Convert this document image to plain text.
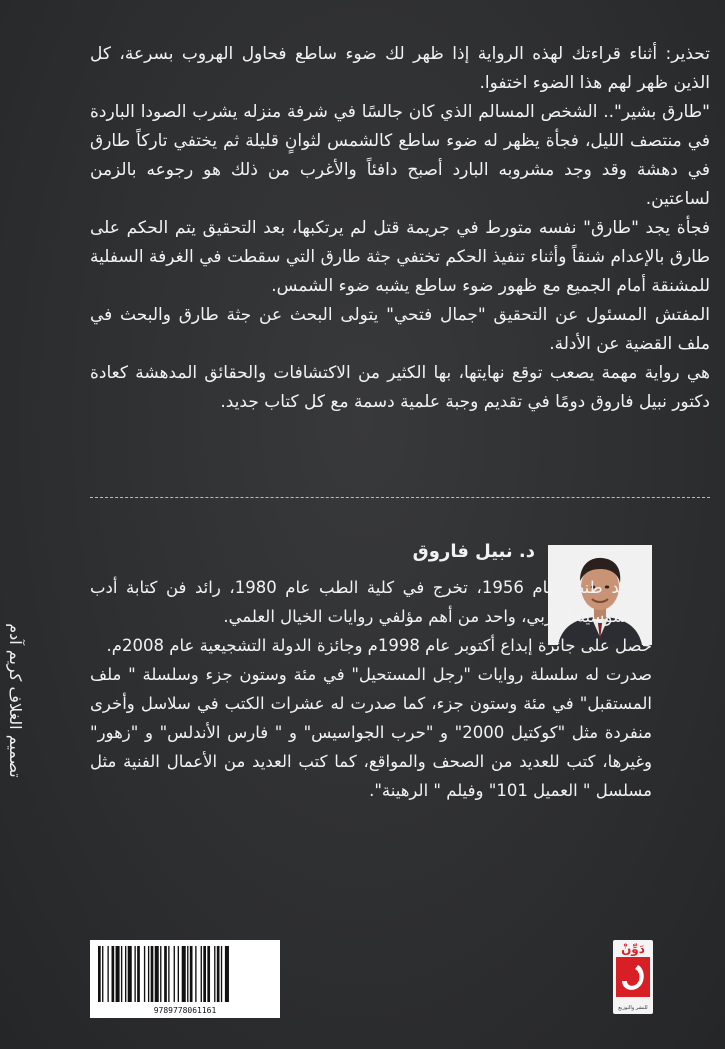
تحذير: أثناء قراءتك لهذه الرواية إذا ظهر لك ضوء ساطع فحاول الهروب بسرعة، كل الذين ظهر لهم هذا الضوء اختفوا.

"طارق بشير".. الشخص المسالم الذي كان جالسًا في شرفة منزله يشرب الصودا الباردة في منتصف الليل، فجأة يظهر له ضوء ساطع كالشمس لثوانٍ قليلة ثم يختفي تاركاً طارق في دهشة وقد وجد مشروبه البارد أصبح دافئاً والأغرب من ذلك هو رجوعه بالزمن لساعتين.

فجأة يجد "طارق" نفسه متورط في جريمة قتل لم يرتكبها، بعد التحقيق يتم الحكم على طارق بالإعدام شنقاً وأثناء تنفيذ الحكم تختفي جثة طارق التي سقطت في الغرفة السفلية للمشنقة أمام الجميع مع ظهور ضوء ساطع يشبه ضوء الشمس.

المفتش المسئول عن التحقيق "جمال فتحي" يتولى البحث عن جثة طارق والبحث في ملف القضية عن الأدلة.

هي رواية مهمة يصعب توقع نهايتها، بها الكثير من الاكتشافات والحقائق المدهشة كعادة دكتور نبيل فاروق دومًا في تقديم وجبة علمية دسمة مع كل كتاب جديد.

د. نبيل فاروق

مواليد طنطا عام 1956، تخرج في كلية الطب عام 1980، رائد فن كتابة أدب الجاسوسية العربي، واحد من أهم مؤلفي روايات الخيال العلمي.

حصل على جائزة إبداع أكتوبر عام 1998م وجائزة الدولة التشجيعية عام 2008م.

صدرت له سلسلة روايات "رجل المستحيل" في مئة وستون جزء وسلسلة " ملف المستقبل" في مئة وستون جزء، كما صدرت له عشرات الكتب في سلاسل وأخرى منفردة مثل "كوكتيل 2000" و "حرب الجواسيس" و " فارس الأندلس" و "زهور" وغيرها، كتب للعديد من الصحف والمواقع، كما كتب العديد من الأعمال الفنية مثل مسلسل " العميل 101" وفيلم " الرهينة".

تصميم الغلاف كريم آدم
9789778061161
دَوِّنْ
للنشر والتوزيع
